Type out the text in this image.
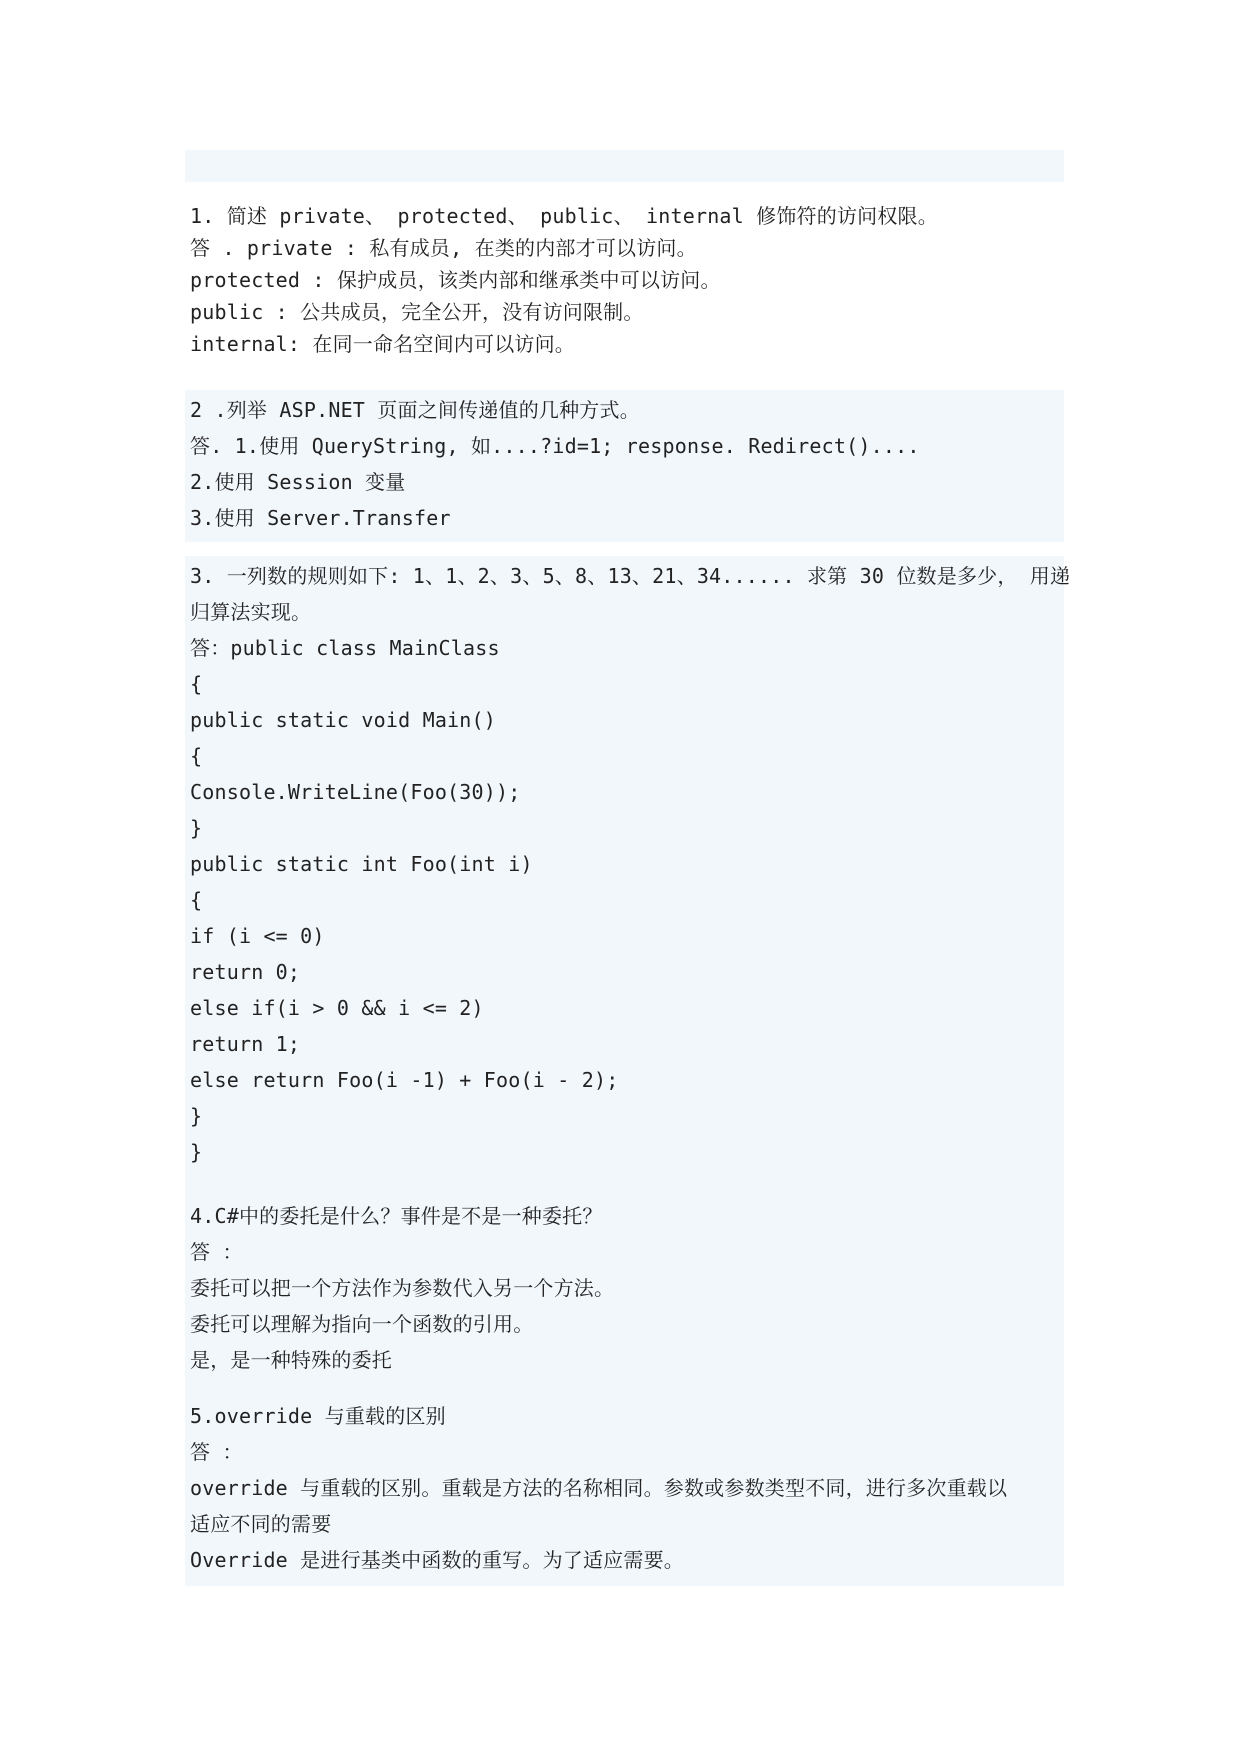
1. 简述 private、 protected、 public、 internal 修饰符的访问权限。
答 . private : 私有成员, 在类的内部才可以访问。
protected : 保护成员，该类内部和继承类中可以访问。
public : 公共成员，完全公开，没有访问限制。
internal: 在同一命名空间内可以访问。
2 .列举 ASP.NET 页面之间传递值的几种方式。
答. 1.使用 QueryString, 如....?id=1; response. Redirect()....
2.使用 Session 变量
3.使用 Server.Transfer
3. 一列数的规则如下: 1、1、2、3、5、8、13、21、34...... 求第 30 位数是多少， 用递
归算法实现。
答：public class MainClass
{
public static void Main()
{
Console.WriteLine(Foo(30));
}
public static int Foo(int i)
{
if (i <= 0)
return 0;
else if(i > 0 && i <= 2)
return 1;
else return Foo(i -1) + Foo(i - 2);
}
}
4.C#中的委托是什么？事件是不是一种委托？
答 ：
委托可以把一个方法作为参数代入另一个方法。
委托可以理解为指向一个函数的引用。
是，是一种特殊的委托
5.override 与重载的区别
答 ：
override 与重载的区别。重载是方法的名称相同。参数或参数类型不同，进行多次重载以
适应不同的需要
Override 是进行基类中函数的重写。为了适应需要。
